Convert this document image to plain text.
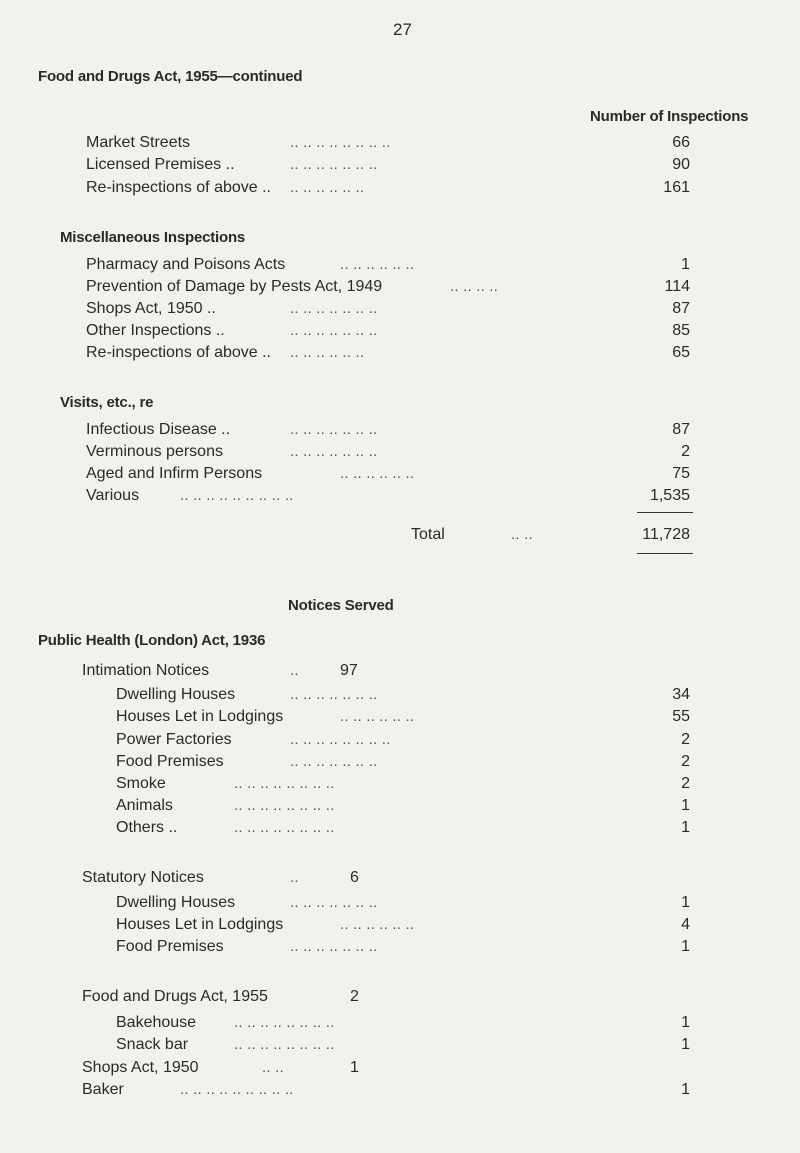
27
Food and Drugs Act, 1955—continued
Number of Inspections
Market Streets	.. .. .. .. .. .. .. ..	66
Licensed Premises ..	.. .. .. .. .. .. ..	90
Re-inspections of above .. .. .. .. .. .. ..	161
Miscellaneous Inspections
Pharmacy and Poisons Acts	.. .. .. .. .. ..	1
Prevention of Damage by Pests Act, 1949	.. .. .. ..	114
Shops Act, 1950 ..	.. .. .. .. .. .. ..	87
Other Inspections ..	.. .. .. .. .. .. ..	85
Re-inspections of above .. .. .. .. .. .. ..	65
Visits, etc., re
Infectious Disease ..	.. .. .. .. .. .. ..	87
Verminous persons	.. .. .. .. .. .. ..	2
Aged and Infirm Persons	.. .. .. .. .. ..	75
Various	.. .. .. .. .. .. .. .. ..	1,535
Total	.. ..	11,728
Notices Served
Public Health (London) Act, 1936
Intimation Notices	..	97
Dwelling Houses	.. .. .. .. .. .. ..	34
Houses Let in Lodgings	.. .. .. .. .. ..	55
Power Factories	.. .. .. .. .. .. .. ..	2
Food Premises	.. .. .. .. .. .. ..	2
Smoke	.. .. .. .. .. .. .. ..	2
Animals	.. .. .. .. .. .. .. ..	1
Others ..	.. .. .. .. .. .. .. ..	1
Statutory Notices	..	6
Dwelling Houses	.. .. .. .. .. .. ..	1
Houses Let in Lodgings	.. .. .. .. .. ..	4
Food Premises	.. .. .. .. .. .. ..	1
Food and Drugs Act, 1955	2
Bakehouse	.. .. .. .. .. .. .. ..	1
Snack bar	.. .. .. .. .. .. .. ..	1
Shops Act, 1950	.. ..	1
Baker	.. .. .. .. .. .. .. .. ..	1
